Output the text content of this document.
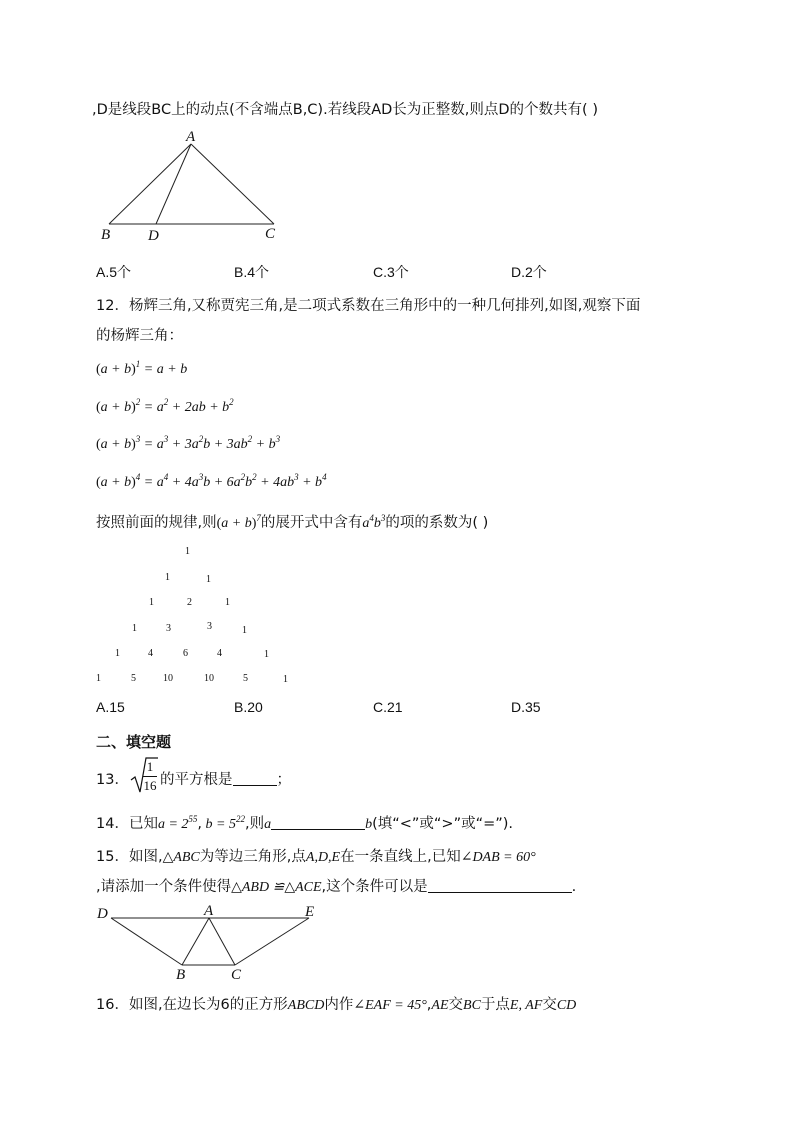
,D是线段BC上的动点(不含端点B,C).若线段AD长为正整数,则点D的个数共有( )
A
B	D	C
A.5个	B.4个	C.3个	D.2个
12．杨辉三角,又称贾宪三角,是二项式系数在三角形中的一种几何排列,如图,观察下面
的杨辉三角：
$(a + b)^1 = a + b$
$(a + b)^2 = a^2 + 2ab + b^2$
$(a + b)^3 = a^3 + 3a^2b + 3ab^2 + b^3$
$(a + b)^4 = a^4 + 4a^3b + 6a^2b^2 + 4ab^3 + b^4$
按照前面的规律,则$(a + b)^7$的展开式中含有$a^4b^3$的项的系数为( )
1
1	1
1	2	1
1	3	3	1
1	4	6	4	1
1	5	10	10	5	1
A.15	B.20	C.21	D.35
二、填空题
13．
1
16 的平方根是	；
14．已知$a = 2^{55}$, $b = 5^{22}$,则a	b(填“<”或“>”或“=”).
15．如图,△ABC为等边三角形,点A,D,E在一条直线上,已知∠DAB = 60°
,请添加一个条件使得△ABD ≌△ACE,这个条件可以是	.
D	A	E
B	C
16．如图,在边长为6的正方形ABCD内作∠EAF = 45°,AE交BC于点E, AF交CD
